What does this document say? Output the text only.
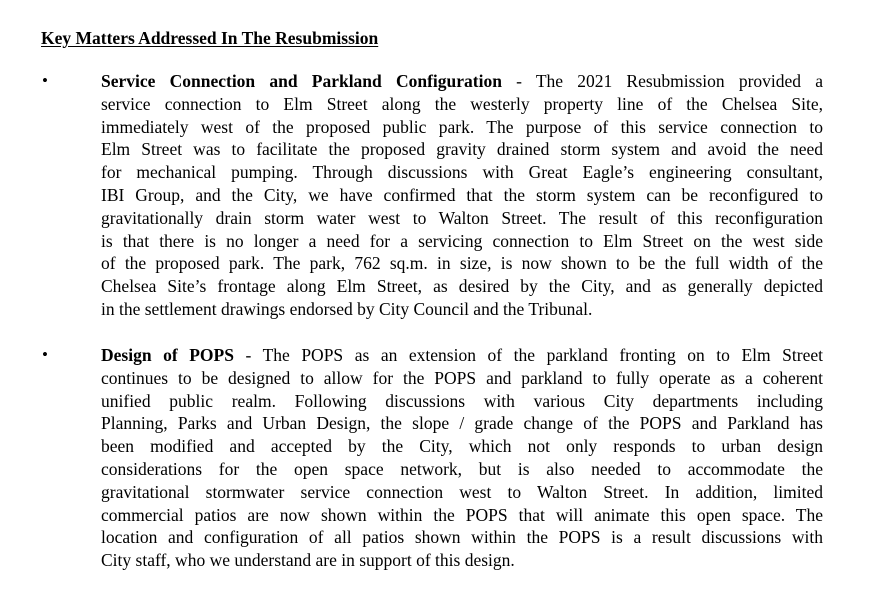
Key Matters Addressed In The Resubmission
•	Service Connection and Parkland Configuration - The 2021 Resubmission provided a
service connection to Elm Street along the westerly property line of the Chelsea Site,
immediately west of the proposed public park. The purpose of this service connection to
Elm Street was to facilitate the proposed gravity drained storm system and avoid the need
for mechanical pumping. Through discussions with Great Eagle’s engineering consultant,
IBI Group, and the City, we have confirmed that the storm system can be reconfigured to
gravitationally drain storm water west to Walton Street. The result of this reconfiguration
is that there is no longer a need for a servicing connection to Elm Street on the west side
of the proposed park. The park, 762 sq.m. in size, is now shown to be the full width of the
Chelsea Site’s frontage along Elm Street, as desired by the City, and as generally depicted
in the settlement drawings endorsed by City Council and the Tribunal.

•	Design of POPS - The POPS as an extension of the parkland fronting on to Elm Street
continues to be designed to allow for the POPS and parkland to fully operate as a coherent
unified public realm. Following discussions with various City departments including
Planning, Parks and Urban Design, the slope / grade change of the POPS and Parkland has
been modified and accepted by the City, which not only responds to urban design
considerations for the open space network, but is also needed to accommodate the
gravitational stormwater service connection west to Walton Street. In addition, limited
commercial patios are now shown within the POPS that will animate this open space. The
location and configuration of all patios shown within the POPS is a result discussions with
City staff, who we understand are in support of this design.
